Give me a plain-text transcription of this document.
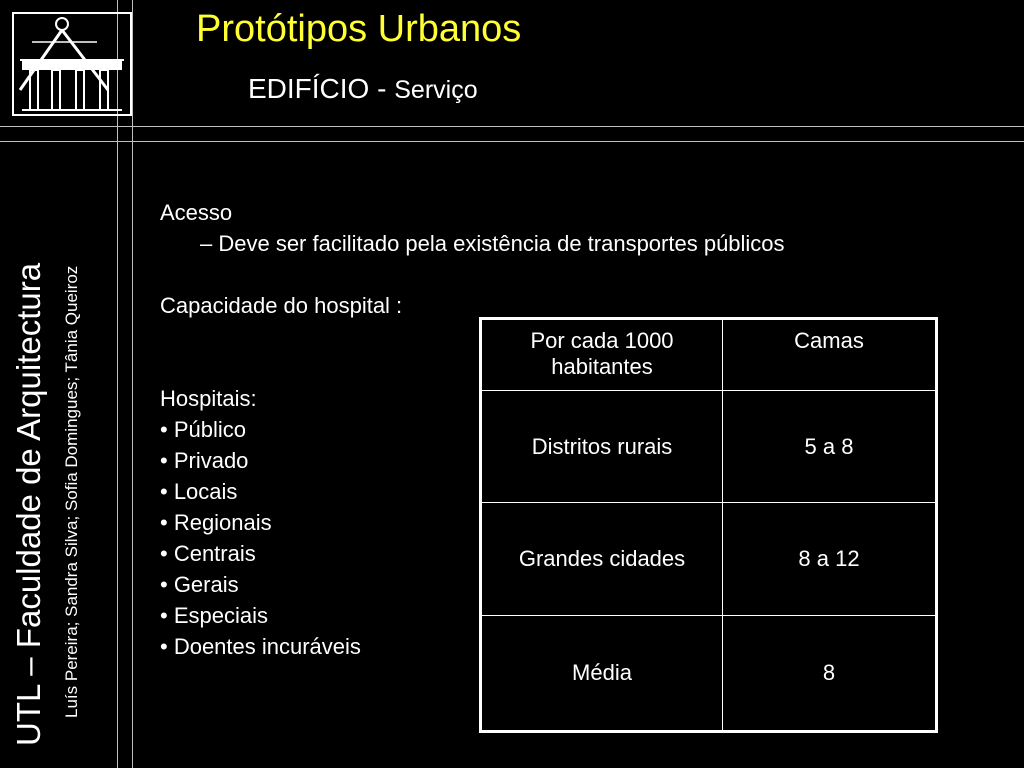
Protótipos Urbanos
EDIFÍCIO - Serviço
UTL – Faculdade de Arquitectura Luís Pereira; Sandra Silva; Sofia Domingues; Tânia Queiroz

Acesso

– Deve ser facilitado pela existência de transportes públicos

Capacidade do hospital :

Hospitais:

• Público
• Privado
• Locais
• Regionais
• Centrais
• Gerais
• Especiais
• Doentes incuráveis
Por cada 1000 habitantes	Camas
Distritos rurais	5 a 8
Grandes cidades	8 a 12
Média	8
